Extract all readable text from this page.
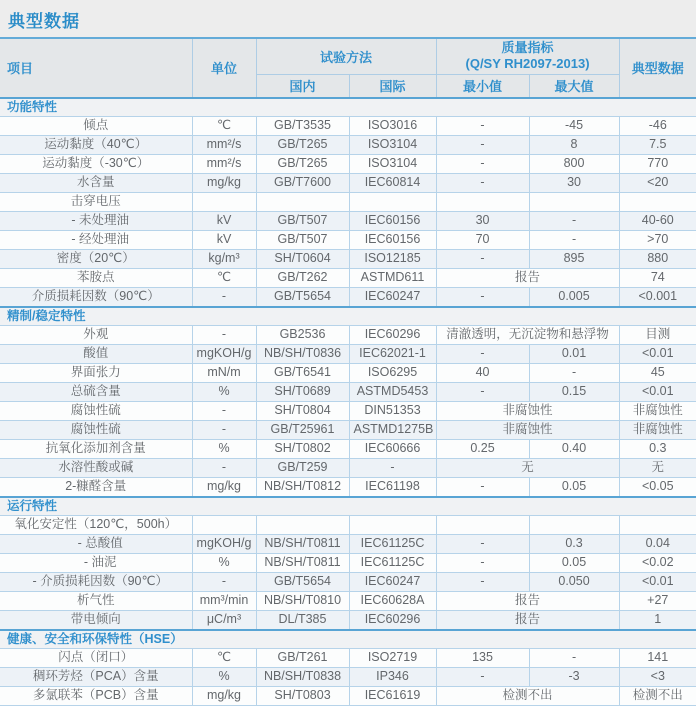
典型数据
项目	单位	试验方法		质量指标
(Q/SY RH2097-2013)		典型数据
		国内	国际	最小值	最大值	
功能特性						
倾点	℃	GB/T3535	ISO3016	-	-45	-46
运动黏度（40℃）	mm²/s	GB/T265	ISO3104	-	8	7.5
运动黏度（-30℃）	mm²/s	GB/T265	ISO3104	-	800	770
水含量	mg/kg	GB/T7600	IEC60814	-	30	<20
击穿电压						
- 未处理油	kV	GB/T507	IEC60156	30	-	40-60
- 经处理油	kV	GB/T507	IEC60156	70	-	>70
密度（20℃）	kg/m³	SH/T0604	ISO12185	-	895	880
苯胺点	℃	GB/T262	ASTMD611	报告		74
介质损耗因数（90℃）	-	GB/T5654	IEC60247	-	0.005	<0.001
精制/稳定特性						
外观	-	GB2536	IEC60296	清澈透明，无沉淀物和悬浮物		目测
酸值	mgKOH/g	NB/SH/T0836	IEC62021-1	-	0.01	<0.01
界面张力	mN/m	GB/T6541	ISO6295	40	-	45
总硫含量	%	SH/T0689	ASTMD5453	-	0.15	<0.01
腐蚀性硫	-	SH/T0804	DIN51353	非腐蚀性		非腐蚀性
腐蚀性硫	-	GB/T25961	ASTMD1275B	非腐蚀性		非腐蚀性
抗氧化添加剂含量	%	SH/T0802	IEC60666	0.25	0.40	0.3
水溶性酸或碱	-	GB/T259	-	无		无
2-糠醛含量	mg/kg	NB/SH/T0812	IEC61198	-	0.05	<0.05
运行特性						
氧化安定性（120℃，500h）						
- 总酸值	mgKOH/g	NB/SH/T0811	IEC61125C	-	0.3	0.04
- 油泥	%	NB/SH/T0811	IEC61125C	-	0.05	<0.02
- 介质损耗因数（90℃）	-	GB/T5654	IEC60247	-	0.050	<0.01
析气性	mm³/min	NB/SH/T0810	IEC60628A	报告		+27
带电倾向	μC/m³	DL/T385	IEC60296	报告		1
健康、安全和环保特性（HSE）						
闪点（闭口）	℃	GB/T261	ISO2719	135	-	141
稠环芳烃（PCA）含量	%	NB/SH/T0838	IP346	-	-3	<3
多氯联苯（PCB）含量	mg/kg	SH/T0803	IEC61619	检测不出		检测不出
